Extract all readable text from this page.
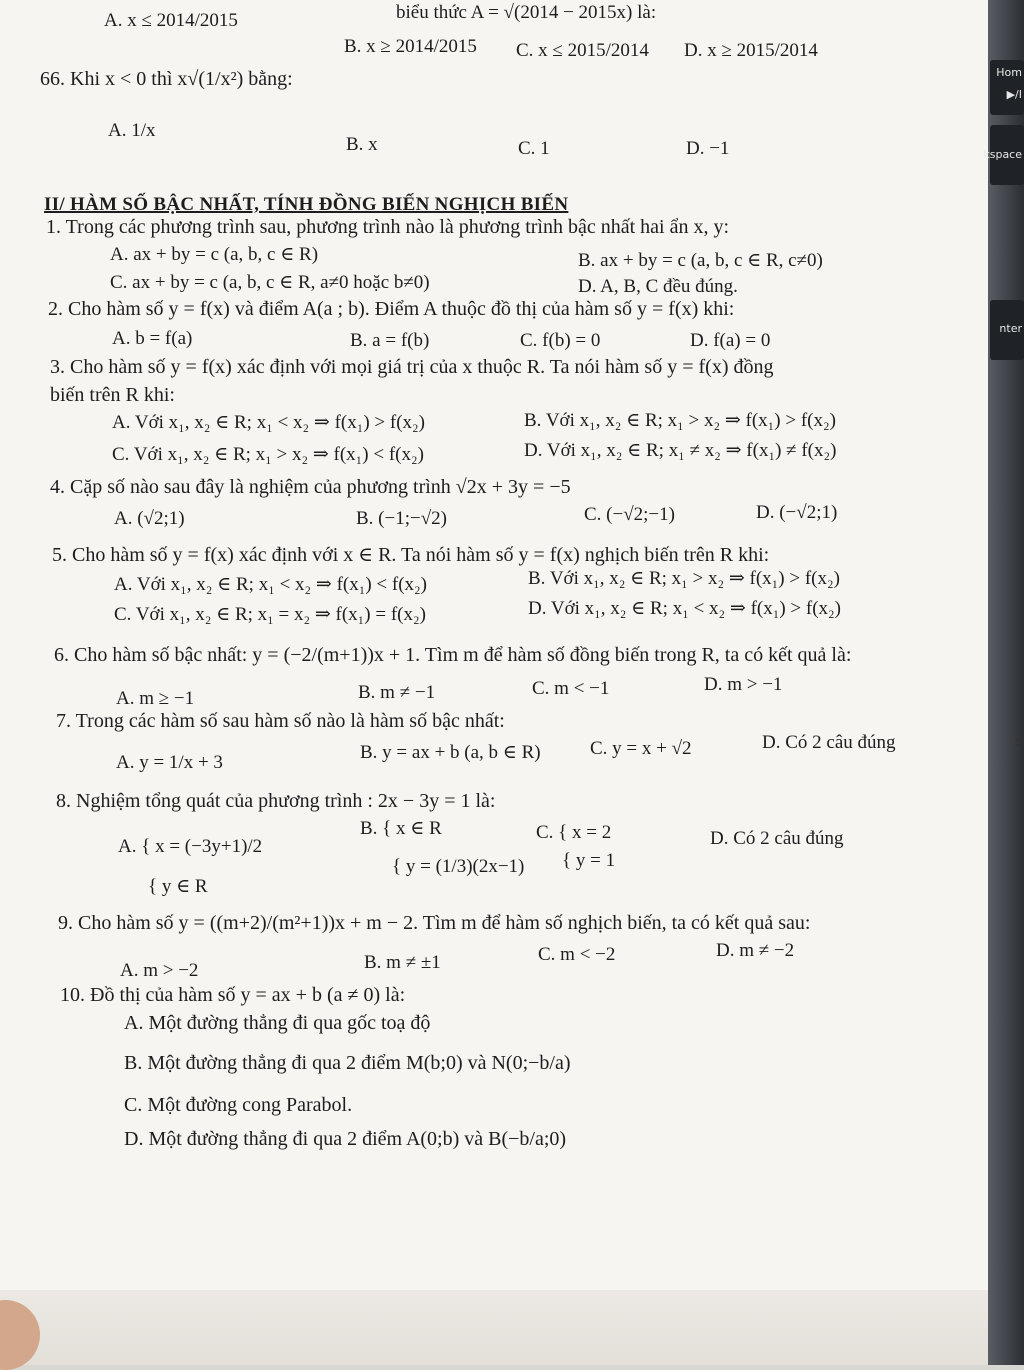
Hom
▶/I
kspace
nter
S
biểu thức A = √(2014 − 2015x) là:
A. x ≤ 2014/2015
B. x ≥ 2014/2015 C. x ≤ 2015/2014 D. x ≥ 2015/2014
66. Khi x < 0 thì x√(1/x²) bằng:
A. 1/x
B. x	C. 1	D. −1
II/ HÀM SỐ BẬC NHẤT, TÍNH ĐỒNG BIẾN NGHỊCH BIẾN
1. Trong các phương trình sau, phương trình nào là phương trình bậc nhất hai ẩn x, y:
A. ax + by = c (a, b, c ∈ R)	B. ax + by = c (a, b, c ∈ R, c≠0)
C. ax + by = c (a, b, c ∈ R, a≠0 hoặc b≠0)	D. A, B, C đều đúng.
2. Cho hàm số y = f(x) và điểm A(a ; b). Điểm A thuộc đồ thị của hàm số y = f(x) khi:
A. b = f(a)	B. a = f(b)	C. f(b) = 0	D. f(a) = 0
3. Cho hàm số y = f(x) xác định với mọi giá trị của x thuộc R. Ta nói hàm số y = f(x) đồng
biến trên R khi:
A. Với x₁, x₂ ∈ R; x₁ < x₂ ⇒ f(x₁) > f(x₂)	B. Với x₁, x₂ ∈ R; x₁ > x₂ ⇒ f(x₁) > f(x₂)
C. Với x₁, x₂ ∈ R; x₁ > x₂ ⇒ f(x₁) < f(x₂)	D. Với x₁, x₂ ∈ R; x₁ ≠ x₂ ⇒ f(x₁) ≠ f(x₂)
4. Cặp số nào sau đây là nghiệm của phương trình √2x + 3y = −5
A. (√2;1)	B. (−1;−√2)	C. (−√2;−1)	D. (−√2;1)
5. Cho hàm số y = f(x) xác định với x ∈ R. Ta nói hàm số y = f(x) nghịch biến trên R khi:
A. Với x₁, x₂ ∈ R; x₁ < x₂ ⇒ f(x₁) < f(x₂)	B. Với x₁, x₂ ∈ R; x₁ > x₂ ⇒ f(x₁) > f(x₂)
C. Với x₁, x₂ ∈ R; x₁ = x₂ ⇒ f(x₁) = f(x₂)	D. Với x₁, x₂ ∈ R; x₁ < x₂ ⇒ f(x₁) > f(x₂)
6. Cho hàm số bậc nhất: y = (−2/(m+1))x + 1. Tìm m để hàm số đồng biến trong R, ta có kết quả là:
A. m ≥ −1	B. m ≠ −1	C. m < −1	D. m > −1
7. Trong các hàm số sau hàm số nào là hàm số bậc nhất:
A. y = 1/x + 3	B. y = ax + b (a, b ∈ R)	C. y = x + √2	D. Có 2 câu đúng
8. Nghiệm tổng quát của phương trình : 2x − 3y = 1 là:
A. { x = (−3y+1)/2
{ y ∈ R
B. { x ∈ R
{ y = (1/3)(2x−1)
C. { x = 2
{ y = 1
D. Có 2 câu đúng
9. Cho hàm số y = ((m+2)/(m²+1))x + m − 2. Tìm m để hàm số nghịch biến, ta có kết quả sau:
A. m > −2	B. m ≠ ±1	C. m < −2	D. m ≠ −2
10. Đồ thị của hàm số y = ax + b (a ≠ 0) là:
A. Một đường thẳng đi qua gốc toạ độ
B. Một đường thẳng đi qua 2 điểm M(b;0) và N(0;−b/a)
C. Một đường cong Parabol.
D. Một đường thẳng đi qua 2 điểm A(0;b) và B(−b/a;0)
